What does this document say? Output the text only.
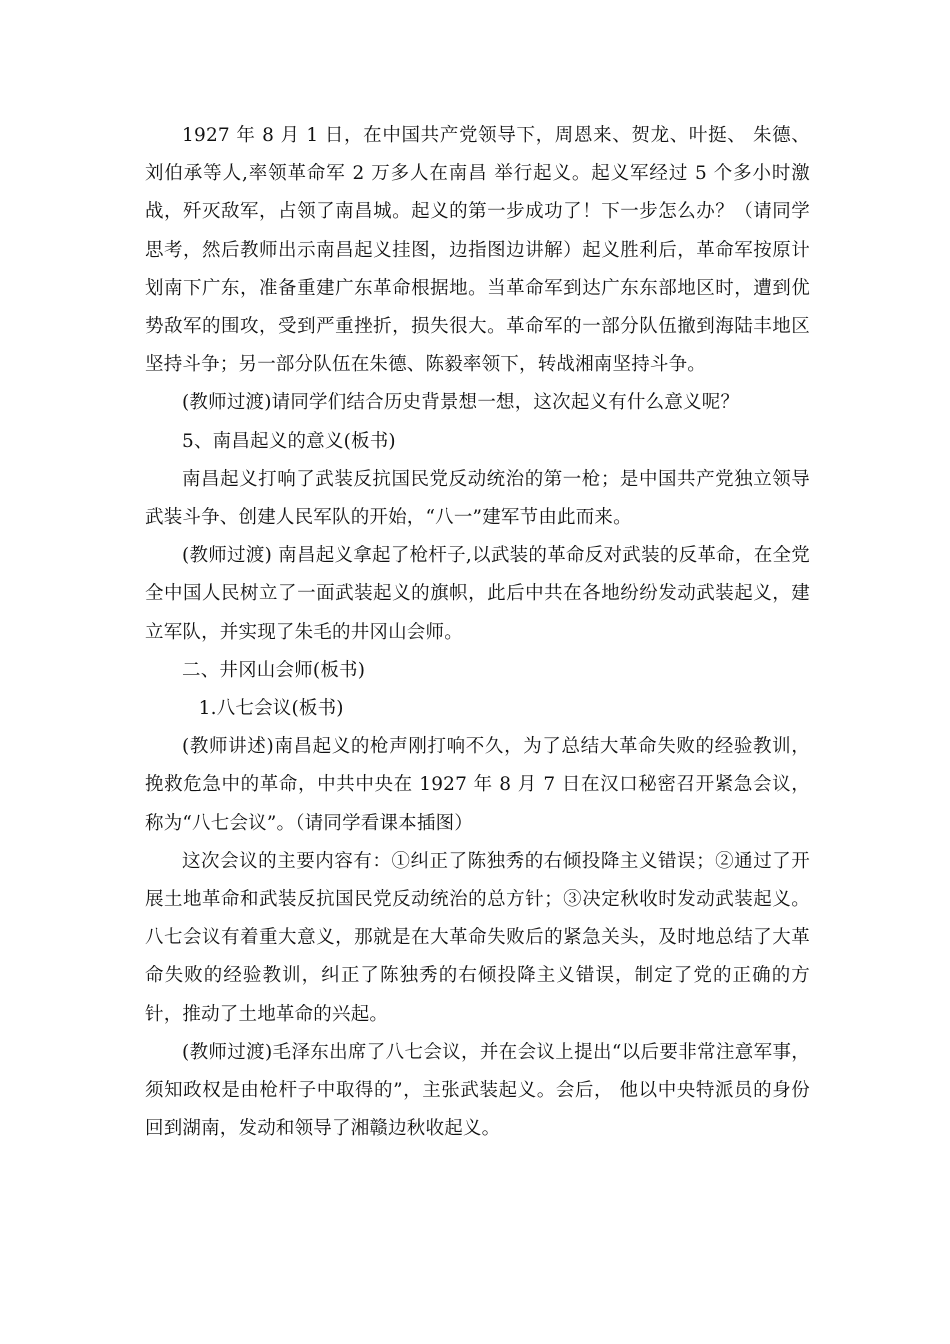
1927 年 8 月 1 日，在中国共产党领导下，周恩来、贺龙、叶挺、 朱德、刘伯承等人,率领革命军 2 万多人在南昌 举行起义。起义军经过 5 个多小时激战，歼灭敌军，占领了南昌城。起义的第一步成功了！下一步怎么办？（请同学思考，然后教师出示南昌起义挂图，边指图边讲解）起义胜利后，革命军按原计划南下广东，准备重建广东革命根据地。当革命军到达广东东部地区时，遭到优势敌军的围攻，受到严重挫折，损失很大。革命军的一部分队伍撤到海陆丰地区坚持斗争；另一部分队伍在朱德、陈毅率领下，转战湘南坚持斗争。

(教师过渡)请同学们结合历史背景想一想，这次起义有什么意义呢？

5、南昌起义的意义(板书)

南昌起义打响了武装反抗国民党反动统治的第一枪；是中国共产党独立领导武装斗争、创建人民军队的开始，“八一”建军节由此而来。

(教师过渡) 南昌起义拿起了枪杆子,以武装的革命反对武装的反革命，在全党全中国人民树立了一面武装起义的旗帜，此后中共在各地纷纷发动武装起义，建立军队，并实现了朱毛的井冈山会师。

二、井冈山会师(板书)

1.八七会议(板书)

(教师讲述)南昌起义的枪声刚打响不久，为了总结大革命失败的经验教训，挽救危急中的革命，中共中央在 1927 年 8 月 7 日在汉口秘密召开紧急会议，称为“八七会议”。（请同学看课本插图）

这次会议的主要内容有：①纠正了陈独秀的右倾投降主义错误；②通过了开展土地革命和武装反抗国民党反动统治的总方针；③决定秋收时发动武装起义。八七会议有着重大意义，那就是在大革命失败后的紧急关头，及时地总结了大革命失败的经验教训，纠正了陈独秀的右倾投降主义错误，制定了党的正确的方针，推动了土地革命的兴起。

(教师过渡)毛泽东出席了八七会议，并在会议上提出“以后要非常注意军事，须知政权是由枪杆子中取得的”，主张武装起义。会后， 他以中央特派员的身份回到湖南，发动和领导了湘赣边秋收起义。
